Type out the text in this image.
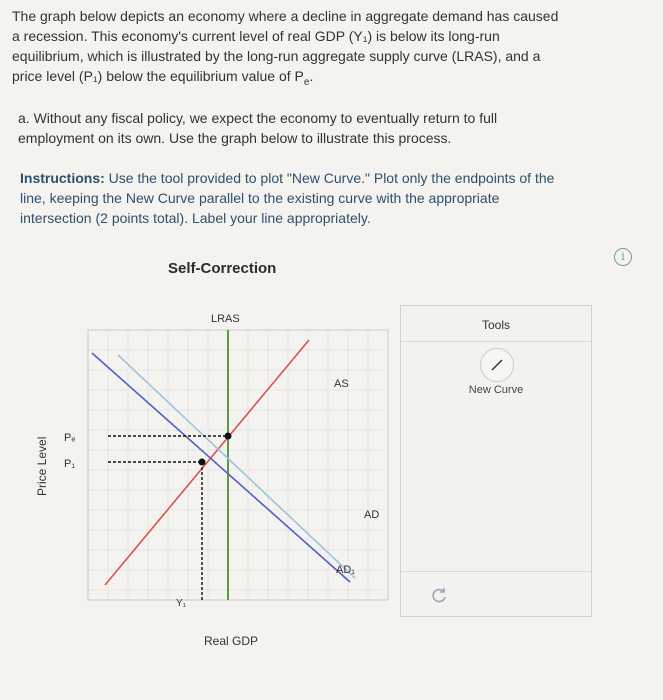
The graph below depicts an economy where a decline in aggregate demand has caused
a recession. This economy's current level of real GDP (Y₁) is below its long-run
equilibrium, which is illustrated by the long-run aggregate supply curve (LRAS), and a
price level (P₁) below the equilibrium value of $P_e$.
a. Without any fiscal policy, we expect the economy to eventually return to full
employment on its own. Use the graph below to illustrate this process.
Instructions: Use the tool provided to plot "New Curve." Plot only the endpoints of the
line, keeping the New Curve parallel to the existing curve with the appropriate
intersection (2 points total). Label your line appropriately.
i
Self-Correction
LRAS
AS
AD
AD₁
Pₑ
P₁
Y₁
Real GDP
Price Level
Tools
New Curve
